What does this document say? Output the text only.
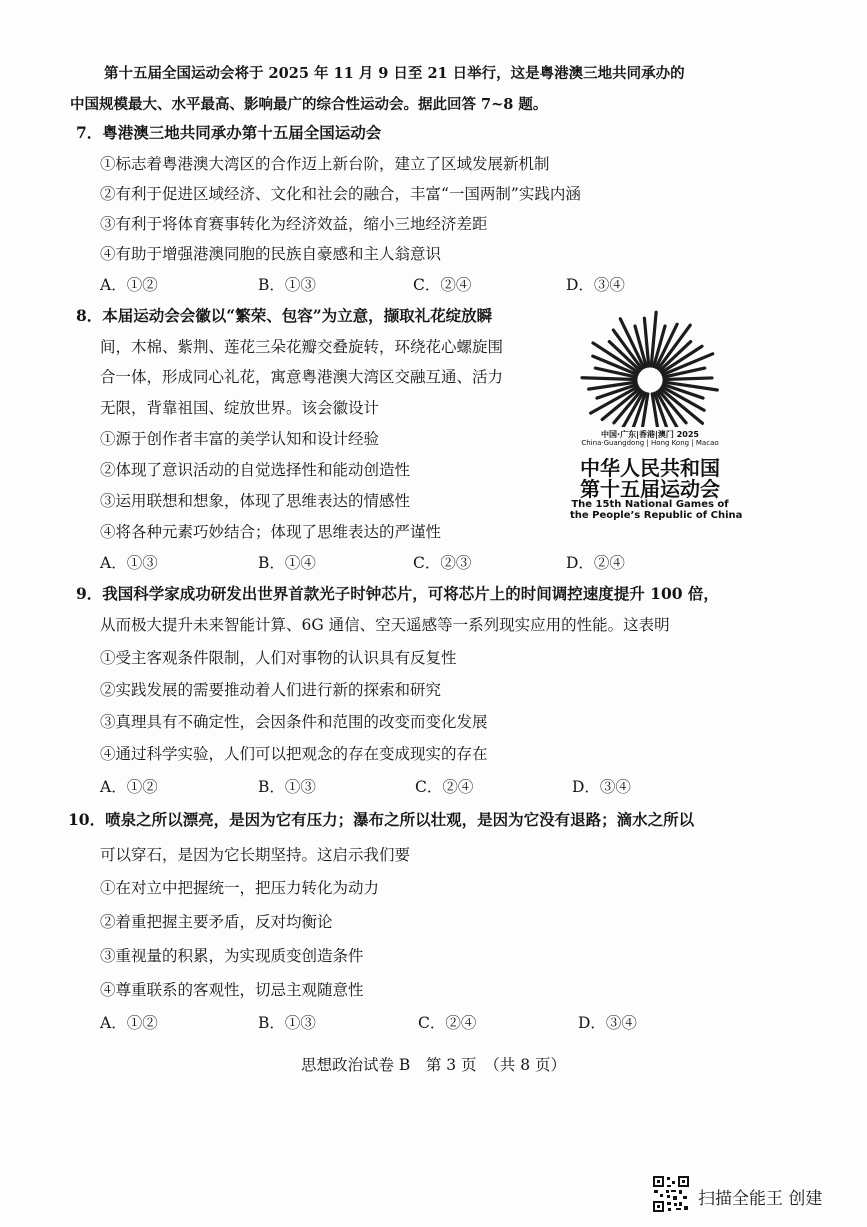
第十五届全国运动会将于 2025 年 11 月 9 日至 21 日举行，这是粤港澳三地共同承办的
中国规模最大、水平最高、影响最广的综合性运动会。据此回答 7~8 题。
7．粤港澳三地共同承办第十五届全国运动会
①标志着粤港澳大湾区的合作迈上新台阶，建立了区域发展新机制
②有利于促进区域经济、文化和社会的融合，丰富“一国两制”实践内涵
③有利于将体育赛事转化为经济效益，缩小三地经济差距
④有助于增强港澳同胞的民族自豪感和主人翁意识
A．①②	B．①③	C．②④	D．③④
8．本届运动会会徽以“繁荣、包容”为立意，撷取礼花绽放瞬
间，木棉、紫荆、莲花三朵花瓣交叠旋转，环绕花心螺旋围
合一体，形成同心礼花，寓意粤港澳大湾区交融互通、活力
无限，背靠祖国、绽放世界。该会徽设计
①源于创作者丰富的美学认知和设计经验
②体现了意识活动的自觉选择性和能动创造性
③运用联想和想象，体现了思维表达的情感性
④将各种元素巧妙结合；体现了思维表达的严谨性
A．①③	B．①④	C．②③	D．②④
中国·广东|香港|澳门 2025
China·Guangdong | Hong Kong | Macao
中华人民共和国
第十五届运动会
The 15th National Games of
the People’s Republic of China
9．我国科学家成功研发出世界首款光子时钟芯片，可将芯片上的时间调控速度提升 100 倍，
从而极大提升未来智能计算、6G 通信、空天遥感等一系列现实应用的性能。这表明
①受主客观条件限制，人们对事物的认识具有反复性
②实践发展的需要推动着人们进行新的探索和研究
③真理具有不确定性，会因条件和范围的改变而变化发展
④通过科学实验，人们可以把观念的存在变成现实的存在
A．①②	B．①③	C．②④	D．③④
10．喷泉之所以漂亮，是因为它有压力；瀑布之所以壮观，是因为它没有退路；滴水之所以
可以穿石，是因为它长期坚持。这启示我们要
①在对立中把握统一，把压力转化为动力
②着重把握主要矛盾，反对均衡论
③重视量的积累，为实现质变创造条件
④尊重联系的客观性，切忌主观随意性
A．①②	B．①③	C．②④	D．③④
思想政治试卷 B　第 3 页　（共 8 页）
扫描全能王 创建
